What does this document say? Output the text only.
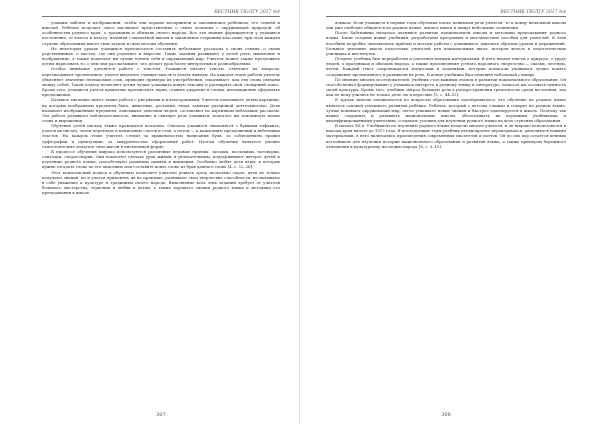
ВЕСТНИК ТЮЛГУ 2017 №4

учащим эмблем и изображений, чтобы они хорошо восприняли и запомнились ребёнком, его семьёй и школой. Ребёнок получает здесь наглядное представление о связи человека с окружающей природой, об особенностях родного края, о традициях и обычаях своего народа. Все эти знания формируются у учащихся постепенно, от класса к классу, начиная с начальной школы и заканчивая старшими классами, при этом каждая ступень образования имеет свои задачи и свои методы обучения.

На некоторых уроках учащимся предлагается составить небольшие рассказы о своих семьях, о своих родственниках, о местах, где они родились и выросли. Такие задания развивают у детей речь, мышление и воображение, а также помогают им лучше понять себя и окружающий мир. Учитель может также предложить детям нарисовать то, о чём они рассказывают, что делает урок более интересным и разнообразным.

Особое внимание уделяется работе с текстом. Учащиеся читают тексты, отвечают на вопросы, пересказывают прочитанное, учатся выделять главную мысль и делать выводы. На каждом этапе работы учитель объясняет значение незнакомых слов, приводит примеры их употребления, показывает, как эти слова связаны между собой. Такой подход позволяет детям лучше усваивать новую лексику и расширять свой словарный запас. Кроме того, учащиеся учатся правильно произносить звуки, ставить ударение в словах, интонационно оформлять предложения.

Большое значение имеет также работа с рисунками и иллюстрациями. Учитель показывает детям картинки, на которых изображены предметы быта, животные, растения, люди, занятые различной деятельностью. Дети называют изображённые предметы, описывают действия людей, составляют по картинкам небольшие рассказы. Эта работа развивает наблюдательность, внимание и связную речь учащихся, помогает им запоминать новые слова и выражения.

Обучение детей письму также проводится поэтапно. Сначала учащиеся знакомятся с буквами алфавита, учатся их писать, затем переходят к написанию слогов и слов, а потом — к написанию предложений и небольших текстов. На каждом этапе учитель следит за правильностью написания букв, за соблюдением правил орфографии и пунктуации, за аккуратностью оформления работ. Итогом обучения является умение самостоятельно излагать свои мысли в письменной форме.

В процессе обучения широко используются различные игровые приёмы: загадки, пословицы, поговорки, считалки, скороговорки. Они помогают сделать урок живым и увлекательным, поддерживают интерес детей к изучению родного языка, способствуют развитию памяти и внимания. Особенно любят дети игры, в которых нужно отгадать слово по его описанию или составить новое слово из букв данного слова [4, с. 12–26].

Этот комплексный подход к обучению позволяет учителю решать сразу несколько задач: дети не только получают знания, но и учатся применять их на практике, развивают свои творческие способности, воспитывают в себе уважение к культуре и традициям своего народа. Выполнение всех этих заданий требует от учителя большого мастерства, терпения и любви к детям, а также хорошего знания родного языка и методики его преподавания в школе.

307
ВЕСТНИК ТЮЛГУ 2017 №4

языком. Если учащиеся в первые годы обучения плохо понимали речь учителя, то к концу начальной школы они уже свободно общаются на родном языке, читают книги и пишут небольшие сочинения.

После Хабтишина началось активное развитие национальной школы и методики преподавания родного языка. Были созданы новые учебники, разработаны программы и методические пособия для учителей. В этих пособиях подробно описывались приёмы и методы работы с учащимися, давались образцы уроков и упражнений. Большое значение имела подготовка учителей для национальных школ, которая велась в педагогических училищах и институтах.

Позднее учебник был переработан и дополнен новыми материалами. В него вошли тексты о природе, о труде людей, о праздниках и обычаях народа, а также произведения устного народного творчества — сказки, легенды, песни. Каждый текст сопровождался вопросами и заданиями, которые помогали учащимся лучше понять содержание прочитанного и развивали их речь. В конце учебника был помещён небольшой словарь.

По мнению многих исследователей, учебник стал важным этапом в развитии национального образования. Он способствовал формированию у учащихся интереса к родному языку и литературе, помогал им осознать ценность своей культуры. Кроме того, учебник сыграл большую роль в распространении грамотности среди населения, так как по нему учились не только дети, но и взрослые [5, с. 44–52].

В трудах многих специалистов по вопросам образования подчёркивалось, что обучение на родном языке является основой успешного развития ребёнка. Ребёнок, который с детства слышит и говорит на родном языке, лучше понимает окружающий мир, легче усваивает новые знания и быстрее адаптируется в школе. Поэтому так важно сохранять и развивать национальные школы, обеспечивать их хорошими учебниками и квалифицированными учителями, создавать условия для изучения родного языка на всех ступенях образования.

В начале XX в. Учебником по изучению родного языка владели многие учителя, и он широко использовался в школах края вплоть до 1917 года. В последующие годы учебник неоднократно переиздавался, дополнялся новыми материалами, в него включались произведения современных писателей и поэтов. Он до сих пор остаётся ценным источником для изучения истории национального образования и развития языка, а также примером бережного отношения к культурному наследию народа [6, с. 3–15].

308
